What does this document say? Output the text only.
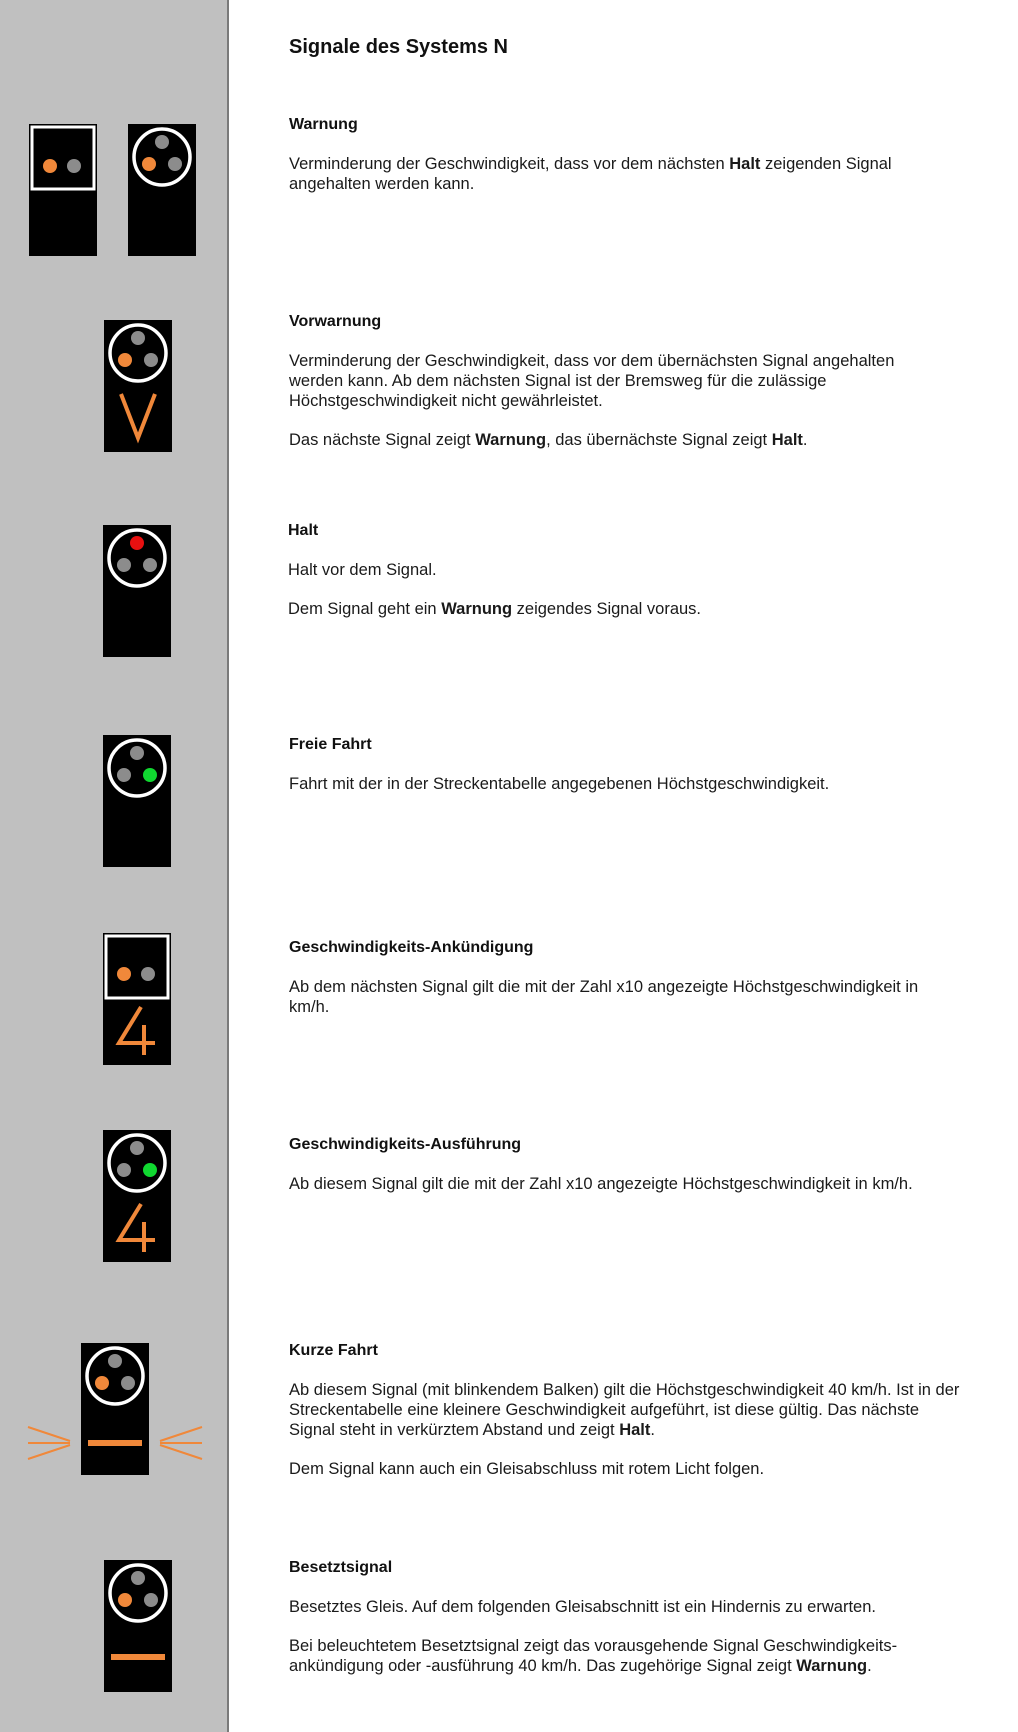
Signale des Systems N
Warnung

Verminderung der Geschwindigkeit, dass vor dem nächsten Halt zeigenden Signal angehalten werden kann.

Vorwarnung

Verminderung der Geschwindigkeit, dass vor dem übernächsten Signal angehalten werden kann. Ab dem nächsten Signal ist der Bremsweg für die zulässige Höchstgeschwindigkeit nicht gewährleistet.

Das nächste Signal zeigt Warnung, das übernächste Signal zeigt Halt.

Halt

Halt vor dem Signal.

Dem Signal geht ein Warnung zeigendes Signal voraus.

Freie Fahrt

Fahrt mit der in der Streckentabelle angegebenen Höchstgeschwindigkeit.

Geschwindigkeits-Ankündigung

Ab dem nächsten Signal gilt die mit der Zahl x10 angezeigte Höchstgeschwindigkeit in km/h.

Geschwindigkeits-Ausführung

Ab diesem Signal gilt die mit der Zahl x10 angezeigte Höchstgeschwindigkeit in km/h.

Kurze Fahrt

Ab diesem Signal (mit blinkendem Balken) gilt die Höchstgeschwindigkeit 40 km/h. Ist in der Streckentabelle eine kleinere Geschwindigkeit aufgeführt, ist diese gültig. Das nächste Signal steht in verkürztem Abstand und zeigt Halt.

Dem Signal kann auch ein Gleisabschluss mit rotem Licht folgen.

Besetztsignal

Besetztes Gleis. Auf dem folgenden Gleisabschnitt ist ein Hindernis zu erwarten.

Bei beleuchtetem Besetztsignal zeigt das vorausgehende Signal Geschwindigkeits-ankündigung oder -ausführung 40 km/h. Das zugehörige Signal zeigt Warnung.
